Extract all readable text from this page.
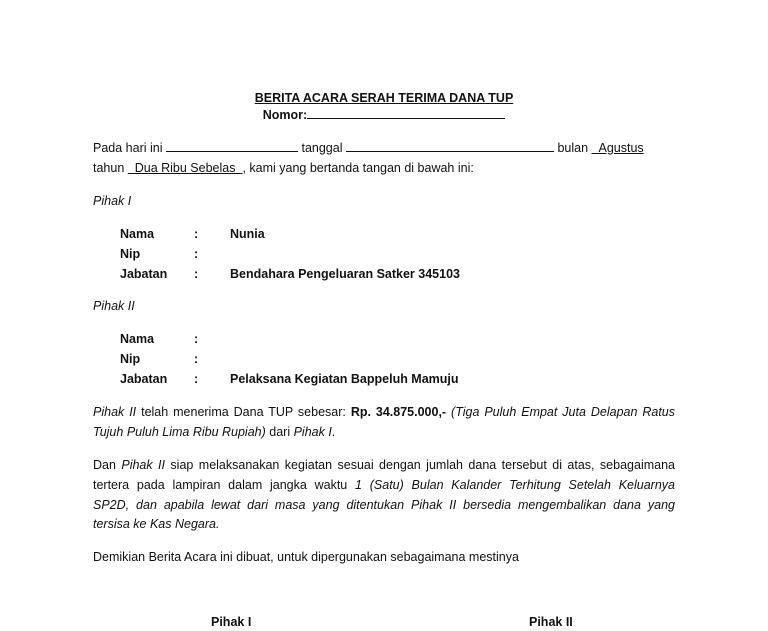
BERITA ACARA SERAH TERIMA DANA TUP
Nomor:
Pada hari ini	tanggal	bulan Agustus
tahun Dua Ribu Sebelas , kami yang bertanda tangan di bawah ini:
Pihak I
Nama	:	Nunia
Nip	:
Jabatan :	Bendahara Pengeluaran Satker 345103
Pihak II
Nama	:
Nip	:
Jabatan :	Pelaksana Kegiatan Bappeluh Mamuju
Pihak II telah menerima Dana TUP sebesar: Rp. 34.875.000,- (Tiga Puluh Empat Juta Delapan Ratus
Tujuh Puluh Lima Ribu Rupiah) dari Pihak I.
Dan Pihak II siap melaksanakan kegiatan sesuai dengan jumlah dana tersebut di atas, sebagaimana
tertera pada lampiran dalam jangka waktu 1 (Satu) Bulan Kalander Terhitung Setelah Keluarnya
SP2D, dan apabila lewat dari masa yang ditentukan Pihak II bersedia mengembalikan dana yang
tersisa ke Kas Negara.
Demikian Berita Acara ini dibuat, untuk dipergunakan sebagaimana mestinya
Pihak I	Pihak II
